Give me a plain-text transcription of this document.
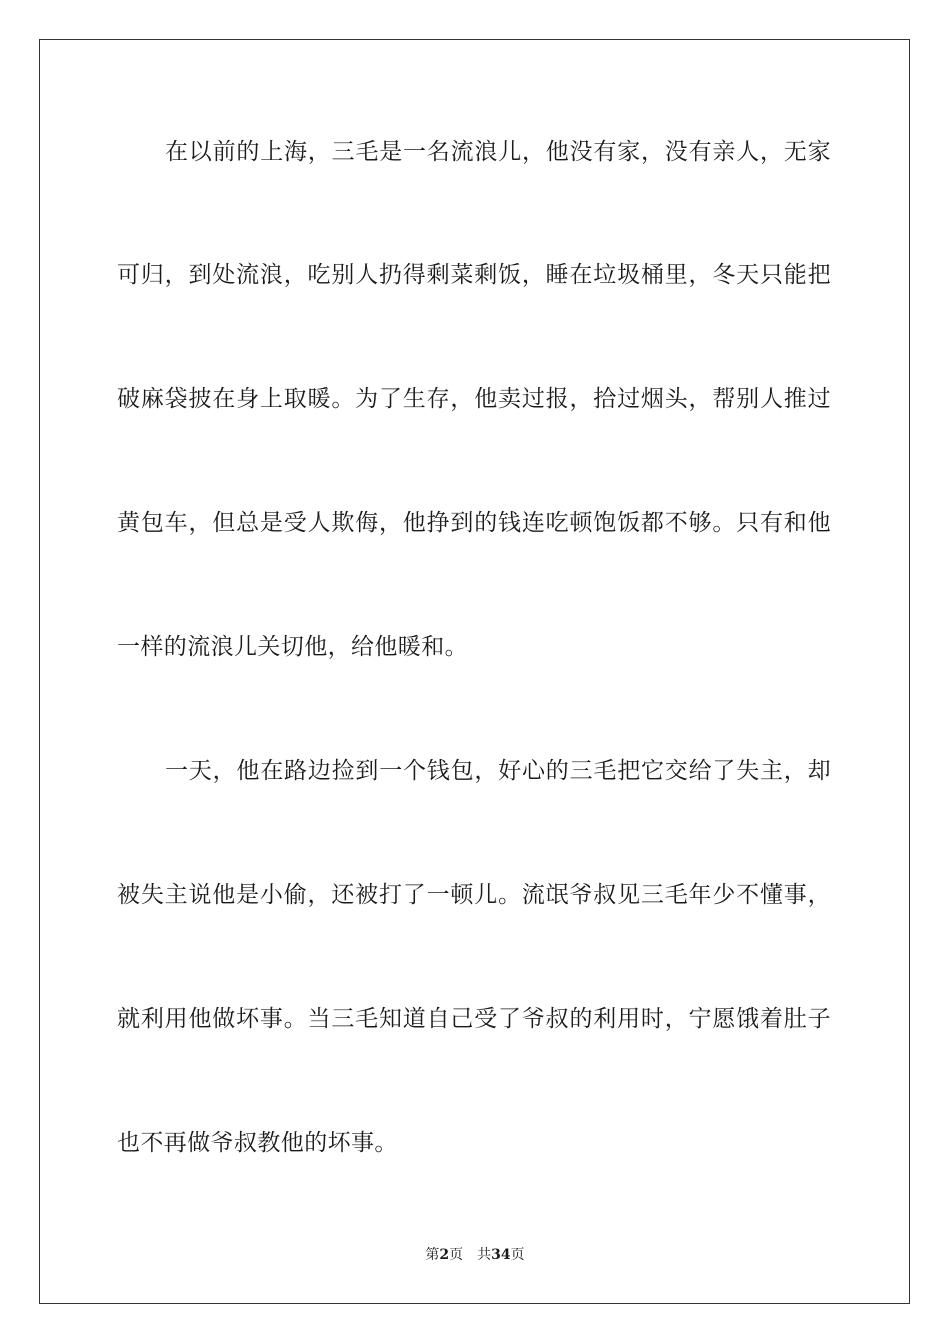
在以前的上海，三毛是一名流浪儿，他没有家，没有亲人，无家
可归，到处流浪，吃别人扔得剩菜剩饭，睡在垃圾桶里，冬天只能把
破麻袋披在身上取暖。为了生存，他卖过报，拾过烟头，帮别人推过
黄包车，但总是受人欺侮，他挣到的钱连吃顿饱饭都不够。只有和他
一样的流浪儿关切他，给他暖和。
一天，他在路边捡到一个钱包，好心的三毛把它交给了失主，却
被失主说他是小偷，还被打了一顿儿。流氓爷叔见三毛年少不懂事，
就利用他做坏事。当三毛知道自己受了爷叔的利用时，宁愿饿着肚子
也不再做爷叔教他的坏事。
第2页 共34页
